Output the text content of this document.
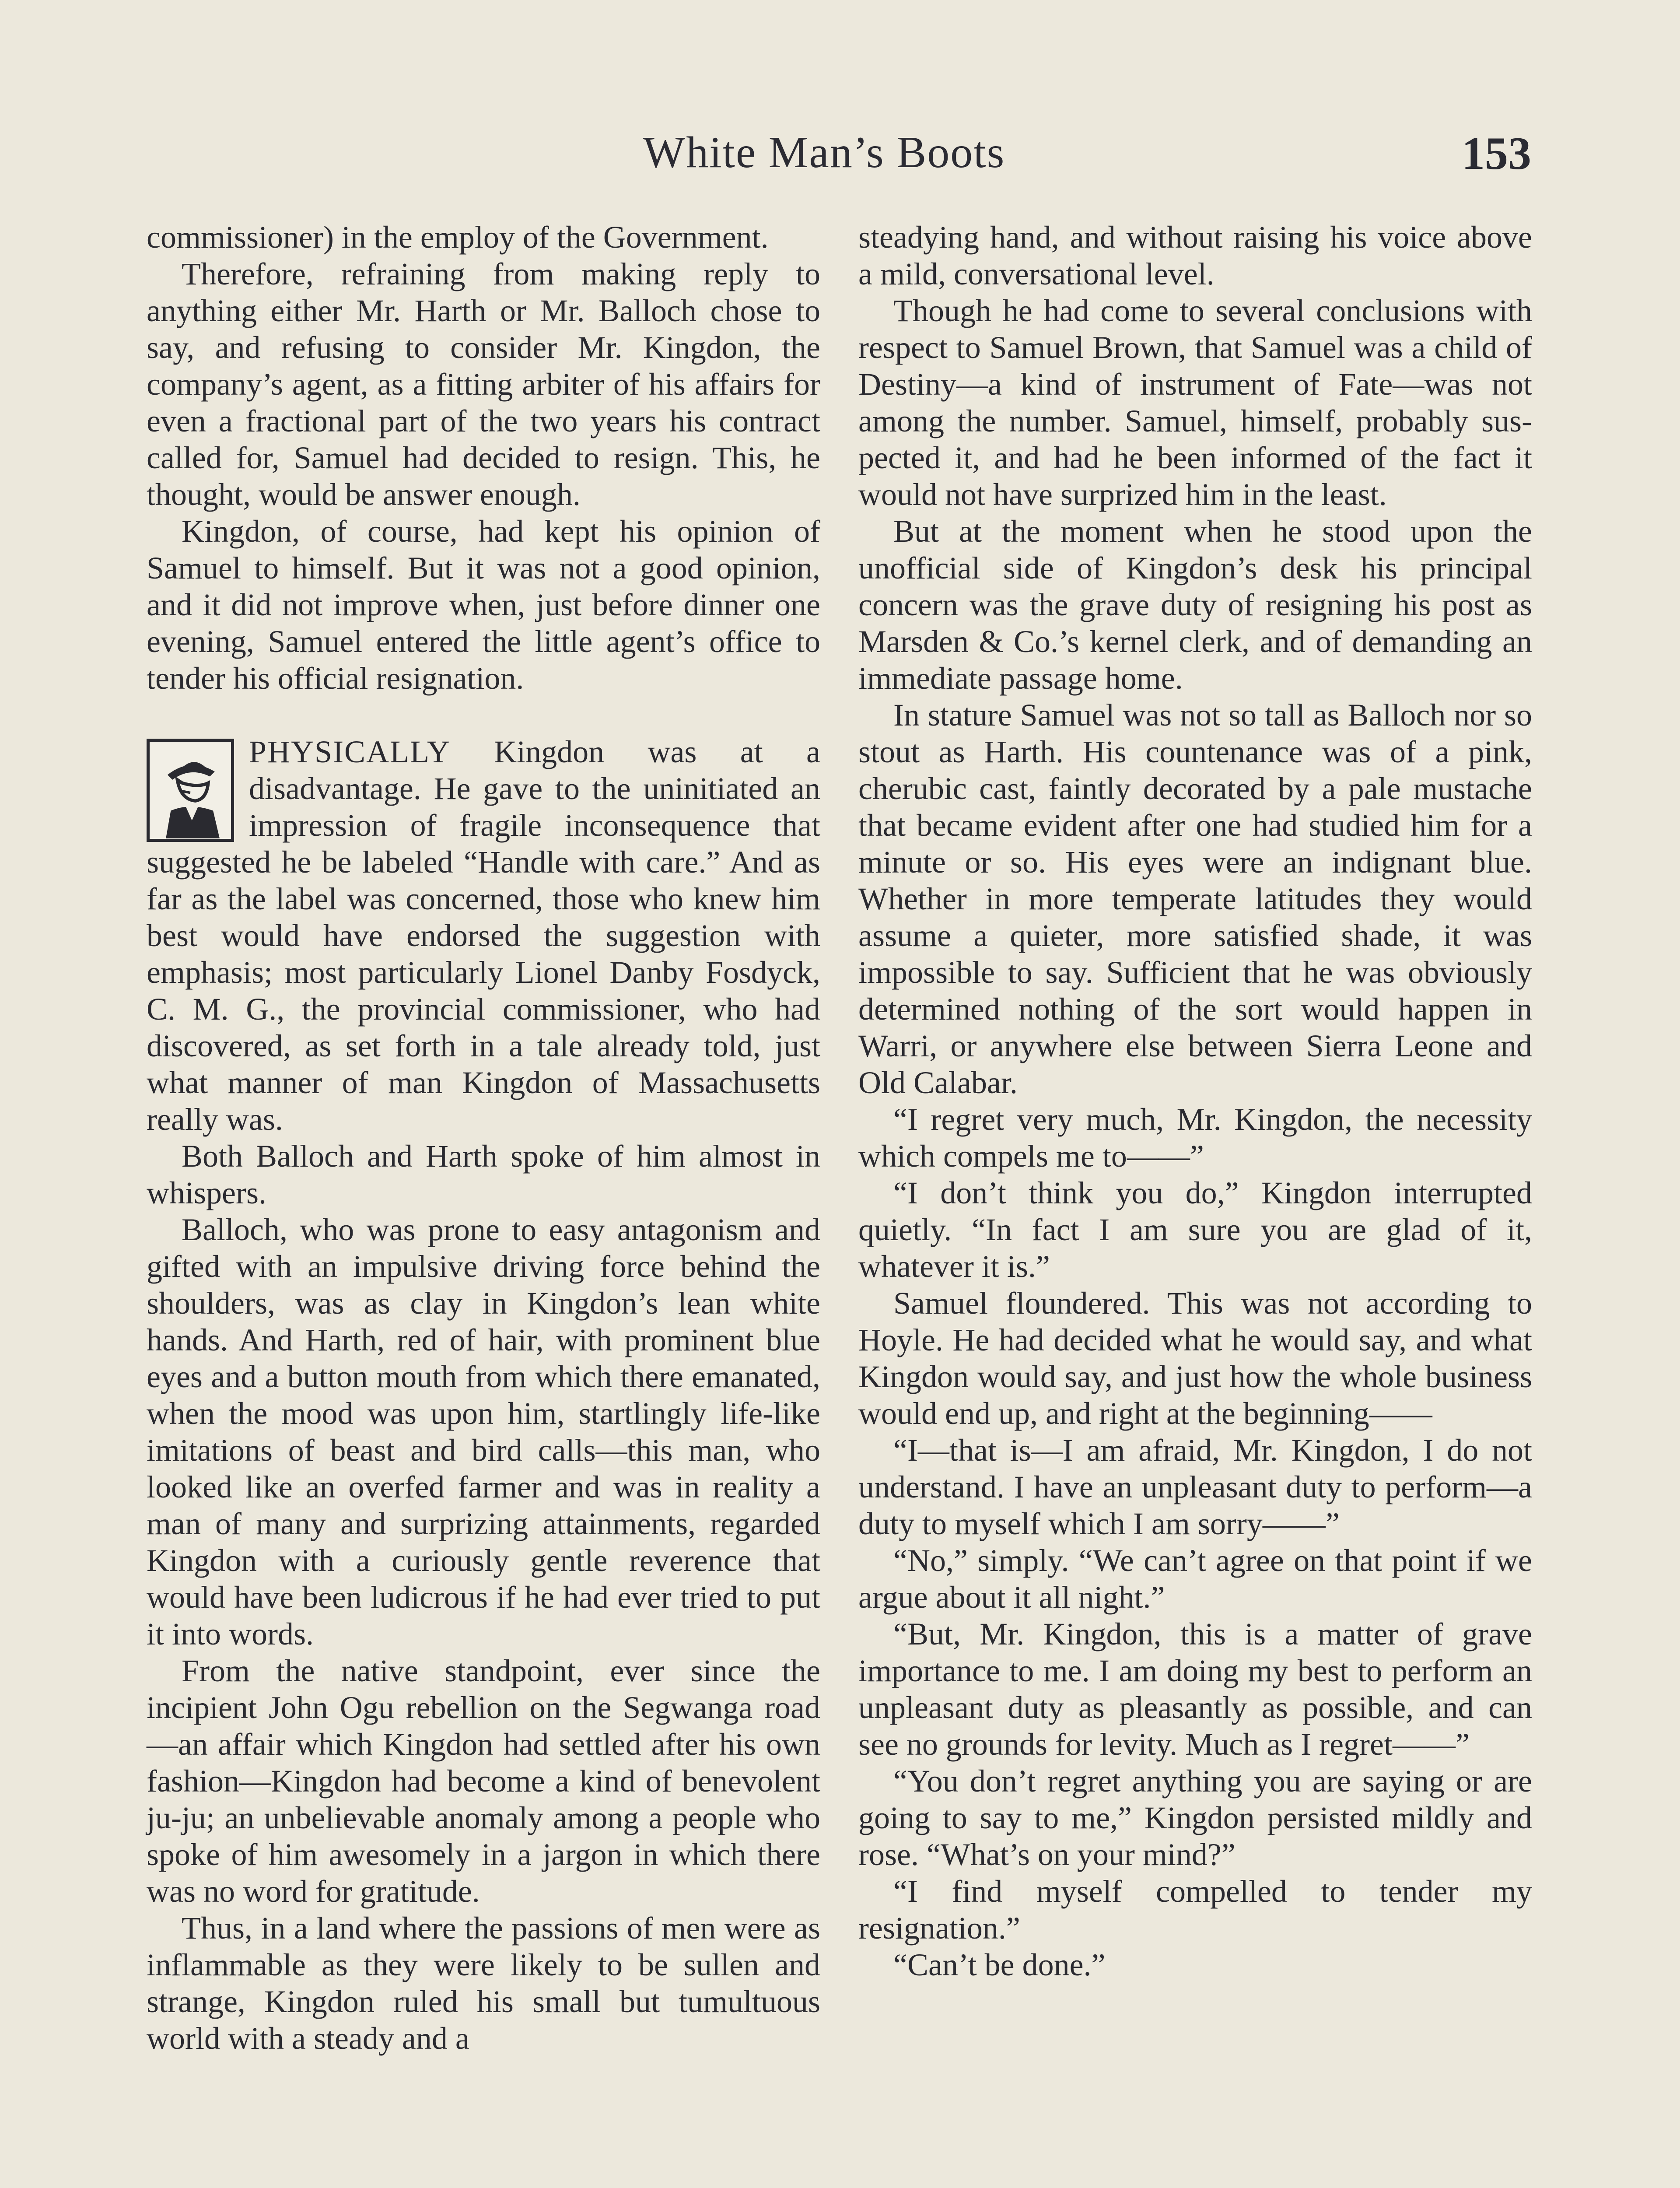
White Man’s Boots	153

commissioner) in the employ of the Government.

Therefore, refraining from making reply to anything either Mr. Harth or Mr. Balloch chose to say, and refusing to consider Mr. Kingdon, the company’s agent, as a fitting arbiter of his affairs for even a fractional part of the two years his contract called for, Samuel had decided to resign. This, he thought, would be answer enough.

Kingdon, of course, had kept his opinion of Samuel to himself. But it was not a good opinion, and it did not improve when, just before dinner one evening, Samuel entered the little agent’s office to tender his official resignation.

PHYSICALLY Kingdon was at a disadvantage. He gave to the uninitiated an impression of fragile inconsequence that suggested he be labeled “Handle with care.” And as far as the label was concerned, those who knew him best would have endorsed the suggestion with emphasis; most particularly Lionel Danby Fosdyck, C. M. G., the provincial commissioner, who had discovered, as set forth in a tale already told, just what manner of man Kingdon of Massachusetts really was.

Both Balloch and Harth spoke of him almost in whispers.

Balloch, who was prone to easy antagonism and gifted with an impulsive driving force behind the shoulders, was as clay in Kingdon’s lean white hands. And Harth, red of hair, with prominent blue eyes and a button mouth from which there emanated, when the mood was upon him, startlingly life-like imitations of beast and bird calls—this man, who looked like an overfed farmer and was in reality a man of many and surprizing attainments, regarded Kingdon with a curiously gentle reverence that would have been ludicrous if he had ever tried to put it into words.

From the native standpoint, ever since the incipient John Ogu rebellion on the Segwanga road—an affair which Kingdon had settled after his own fashion—Kingdon had become a kind of benevolent ju-ju; an unbelievable anomaly among a people who spoke of him awesomely in a jargon in which there was no word for gratitude.

Thus, in a land where the passions of men were as inflammable as they were likely to be sullen and strange, Kingdon ruled his small but tumultuous world with a steady and a

steadying hand, and without raising his voice above a mild, conversational level.

Though he had come to several conclusions with respect to Samuel Brown, that Samuel was a child of Destiny—a kind of instrument of Fate—was not among the number. Samuel, himself, probably suspected it, and had he been informed of the fact it would not have surprized him in the least.

But at the moment when he stood upon the unofficial side of Kingdon’s desk his principal concern was the grave duty of resigning his post as Marsden & Co.’s kernel clerk, and of demanding an immediate passage home.

In stature Samuel was not so tall as Balloch nor so stout as Harth. His countenance was of a pink, cherubic cast, faintly decorated by a pale mustache that became evident after one had studied him for a minute or so. His eyes were an indignant blue. Whether in more temperate latitudes they would assume a quieter, more satisfied shade, it was impossible to say. Sufficient that he was obviously determined nothing of the sort would happen in Warri, or anywhere else between Sierra Leone and Old Calabar.

“I regret very much, Mr. Kingdon, the necessity which compels me to——”

“I don’t think you do,” Kingdon interrupted quietly. “In fact I am sure you are glad of it, whatever it is.”

Samuel floundered. This was not according to Hoyle. He had decided what he would say, and what Kingdon would say, and just how the whole business would end up, and right at the beginning——

“I—that is—I am afraid, Mr. Kingdon, I do not understand. I have an unpleasant duty to perform—a duty to myself which I am sorry——”

“No,” simply. “We can’t agree on that point if we argue about it all night.”

“But, Mr. Kingdon, this is a matter of grave importance to me. I am doing my best to perform an unpleasant duty as pleasantly as possible, and can see no grounds for levity. Much as I regret——”

“You don’t regret anything you are saying or are going to say to me,” Kingdon persisted mildly and rose. “What’s on your mind?”

“I find myself compelled to tender my resignation.”

“Can’t be done.”
